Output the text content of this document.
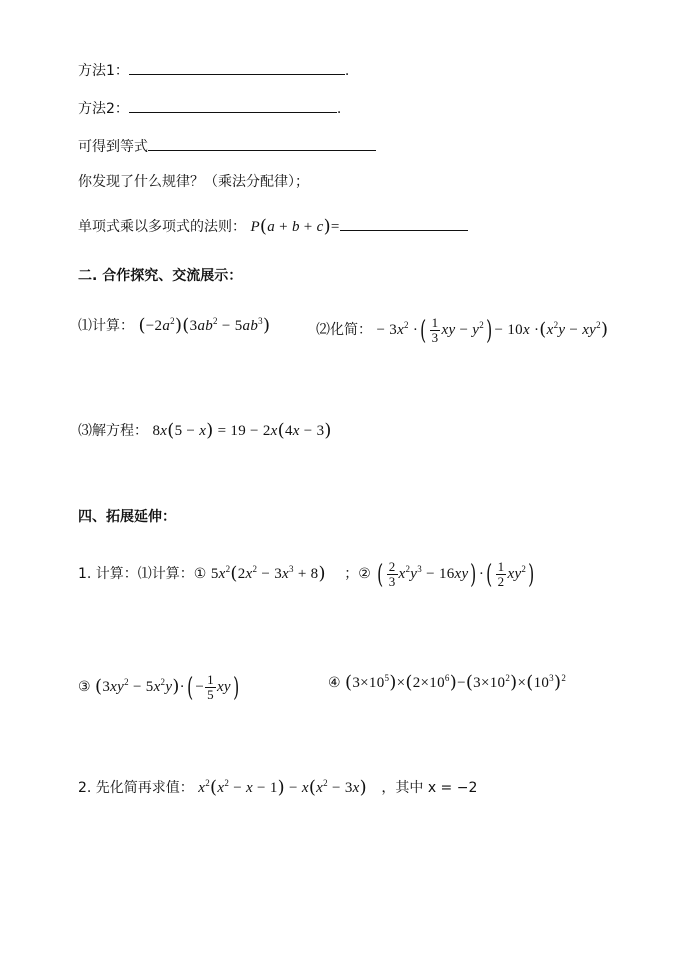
方法1：	.
方法2：	.
可得到等式
你发现了什么规律？（乘法分配律）；
单项式乘以多项式的法则： P(a + b + c)=
二. 合作探究、交流展示：
⑴计算： $(-2a^2)(3ab^2 - 5ab^3)$	⑵化简： − $3x^2$ ·( $\frac{1}{3}$ xy − $y^2) - 10x \cdot(x^2y - xy^2)$
⑶解方程： 8x(5 − x) = 19 − 2x(4x − 3)
四、拓展延伸：
1. 计算：⑴计算：① $5x^2(2x^2 - 3x^3 + 8)$ ；② ( $\frac{2}{3} x^2y^3 - 16xy$) ·( $\frac{1}{2} xy^2$)
③ $(3xy^2 - 5x^2y)\cdot( - \frac{1}{5} xy)$	④ $(3\times 10^5)\times(2\times 10^6)-(3\times 10^2)\times(10^3)^2$
2. 先化简再求值： $x^2(x^2 - x - 1) - x(x^2 - 3x)$ ，其中 x = −2
